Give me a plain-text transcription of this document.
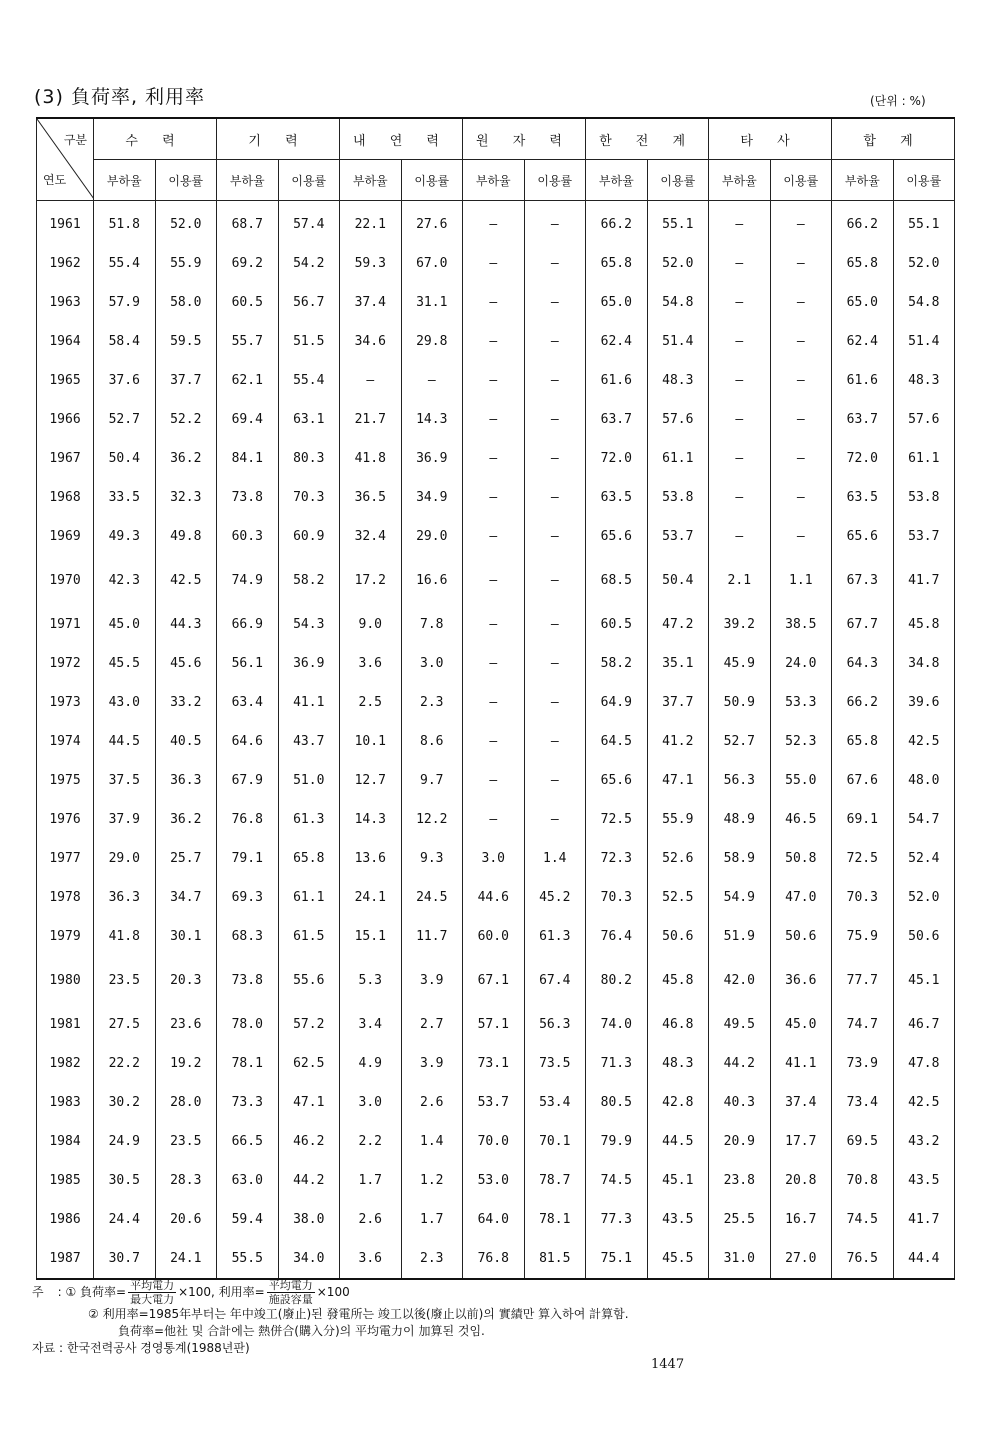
(3) 負荷率, 利用率	(단위 : %)
구분
연도	수 력		기 력		내 연 력		원 자 력		한 전 계		타 사		합 계	
	부하율	이용률	부하율	이용률	부하율	이용률	부하율	이용률	부하율	이용률	부하율	이용률	부하율	이용률
1961	51.8	52.0	68.7	57.4	22.1	27.6	—	—	66.2	55.1	—	—	66.2	55.1
1962	55.4	55.9	69.2	54.2	59.3	67.0	—	—	65.8	52.0	—	—	65.8	52.0
1963	57.9	58.0	60.5	56.7	37.4	31.1	—	—	65.0	54.8	—	—	65.0	54.8
1964	58.4	59.5	55.7	51.5	34.6	29.8	—	—	62.4	51.4	—	—	62.4	51.4
1965	37.6	37.7	62.1	55.4	—	—	—	—	61.6	48.3	—	—	61.6	48.3
1966	52.7	52.2	69.4	63.1	21.7	14.3	—	—	63.7	57.6	—	—	63.7	57.6
1967	50.4	36.2	84.1	80.3	41.8	36.9	—	—	72.0	61.1	—	—	72.0	61.1
1968	33.5	32.3	73.8	70.3	36.5	34.9	—	—	63.5	53.8	—	—	63.5	53.8
1969	49.3	49.8	60.3	60.9	32.4	29.0	—	—	65.6	53.7	—	—	65.6	53.7
1970	42.3	42.5	74.9	58.2	17.2	16.6	—	—	68.5	50.4	2.1	1.1	67.3	41.7
1971	45.0	44.3	66.9	54.3	9.0	7.8	—	—	60.5	47.2	39.2	38.5	67.7	45.8
1972	45.5	45.6	56.1	36.9	3.6	3.0	—	—	58.2	35.1	45.9	24.0	64.3	34.8
1973	43.0	33.2	63.4	41.1	2.5	2.3	—	—	64.9	37.7	50.9	53.3	66.2	39.6
1974	44.5	40.5	64.6	43.7	10.1	8.6	—	—	64.5	41.2	52.7	52.3	65.8	42.5
1975	37.5	36.3	67.9	51.0	12.7	9.7	—	—	65.6	47.1	56.3	55.0	67.6	48.0
1976	37.9	36.2	76.8	61.3	14.3	12.2	—	—	72.5	55.9	48.9	46.5	69.1	54.7
1977	29.0	25.7	79.1	65.8	13.6	9.3	3.0	1.4	72.3	52.6	58.9	50.8	72.5	52.4
1978	36.3	34.7	69.3	61.1	24.1	24.5	44.6	45.2	70.3	52.5	54.9	47.0	70.3	52.0
1979	41.8	30.1	68.3	61.5	15.1	11.7	60.0	61.3	76.4	50.6	51.9	50.6	75.9	50.6
1980	23.5	20.3	73.8	55.6	5.3	3.9	67.1	67.4	80.2	45.8	42.0	36.6	77.7	45.1
1981	27.5	23.6	78.0	57.2	3.4	2.7	57.1	56.3	74.0	46.8	49.5	45.0	74.7	46.7
1982	22.2	19.2	78.1	62.5	4.9	3.9	73.1	73.5	71.3	48.3	44.2	41.1	73.9	47.8
1983	30.2	28.0	73.3	47.1	3.0	2.6	53.7	53.4	80.5	42.8	40.3	37.4	73.4	42.5
1984	24.9	23.5	66.5	46.2	2.2	1.4	70.0	70.1	79.9	44.5	20.9	17.7	69.5	43.2
1985	30.5	28.3	63.0	44.2	1.7	1.2	53.0	78.7	74.5	45.1	23.8	20.8	70.8	43.5
1986	24.4	20.6	59.4	38.0	2.6	1.7	64.0	78.1	77.3	43.5	25.5	16.7	74.5	41.7
1987	30.7	24.1	55.5	34.0	3.6	2.3	76.8	81.5	75.1	45.5	31.0	27.0	76.5	44.4
주 : ① 負荷率= $\frac{\text{平均電力}}{\text{最大電力}} \times 100$, 利用率= $\frac{\text{平均電力}}{\text{施設容量}} \times 100$
② 利用率=1985年부터는 年中竣工(廢止)된 發電所는 竣工以後(廢止以前)의 實績만 算入하여 計算함.
負荷率=他社 및 合計에는 熱併合(購入分)의 平均電力이 加算된 것임.
자료 : 한국전력공사 경영통계(1988년판)
1447
